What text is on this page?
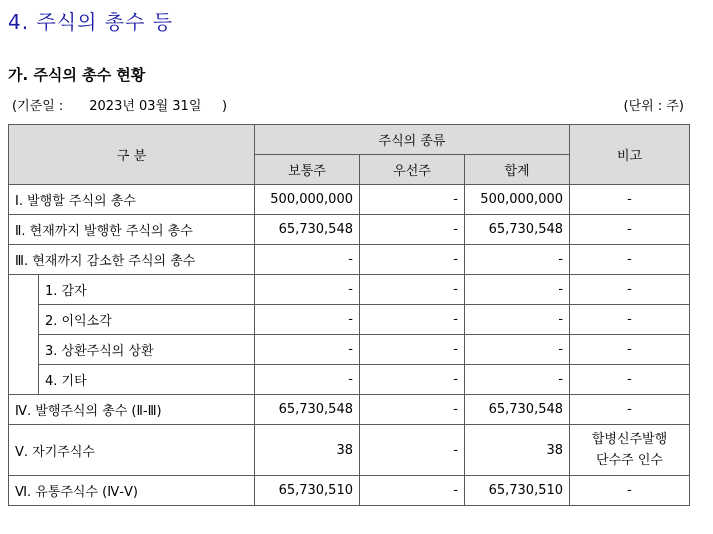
4. 주식의 총수 등
가. 주식의 총수 현황
(기준일 : 2023년 03월 31일 )	(단위 : 주)
구 분		주식의 종류			비고
		보통주	우선주	합계	
Ⅰ. 발행할 주식의 총수		500,000,000	-	500,000,000	-
Ⅱ. 현재까지 발행한 주식의 총수		65,730,548	-	65,730,548	-
Ⅲ. 현재까지 감소한 주식의 총수		-	-	-	-
	1. 감자	-	-	-	-
	2. 이익소각	-	-	-	-
	3. 상환주식의 상환	-	-	-	-
	4. 기타	-	-	-	-
Ⅳ. 발행주식의 총수 (Ⅱ-Ⅲ)		65,730,548	-	65,730,548	-
Ⅴ. 자기주식수		38	-	38	합병신주발행
단수주 인수

Ⅵ. 유통주식수 (Ⅳ-Ⅴ)		65,730,510	-	65,730,510	-
